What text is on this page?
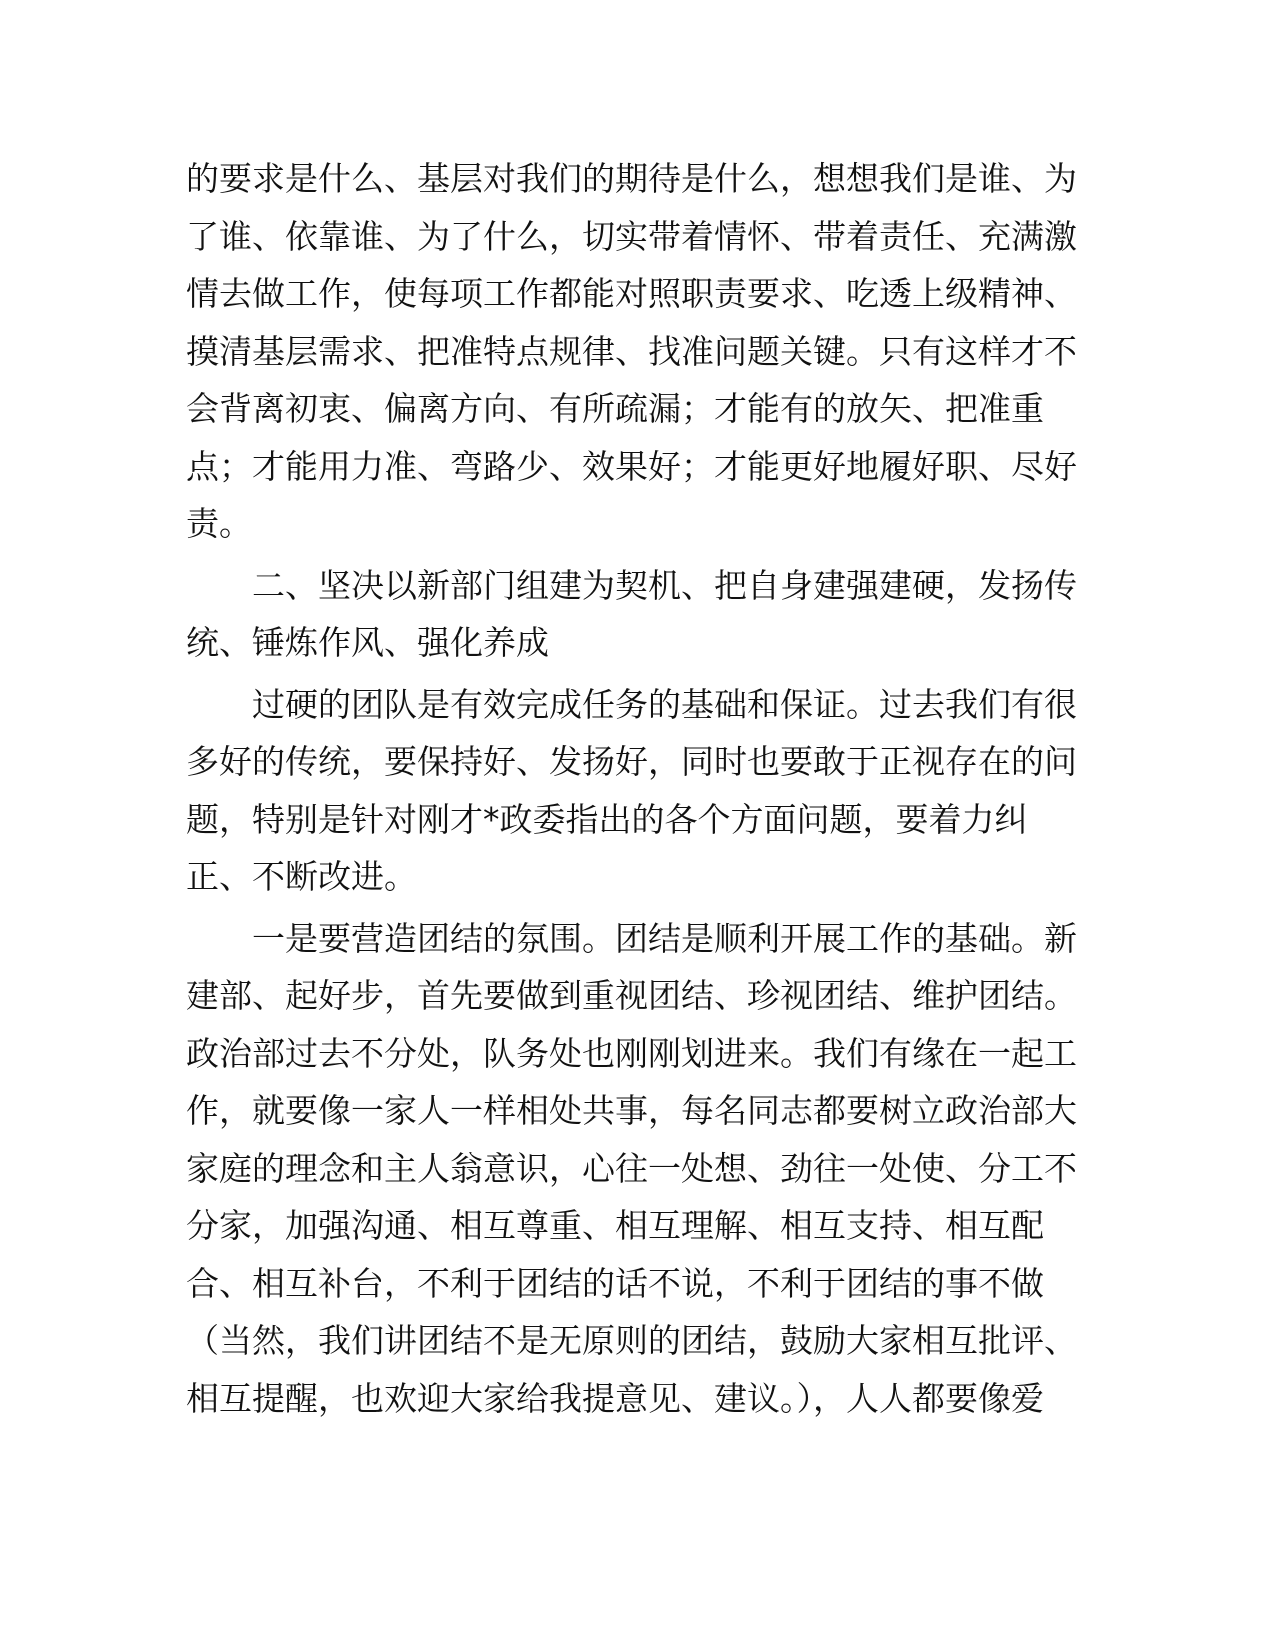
的要求是什么、基层对我们的期待是什么，想想我们是谁、为
了谁、依靠谁、为了什么，切实带着情怀、带着责任、充满激
情去做工作，使每项工作都能对照职责要求、吃透上级精神、
摸清基层需求、把准特点规律、找准问题关键。只有这样才不
会背离初衷、偏离方向、有所疏漏；才能有的放矢、把准重
点；才能用力准、弯路少、效果好；才能更好地履好职、尽好
责。
二、坚决以新部门组建为契机、把自身建强建硬，发扬传
统、锤炼作风、强化养成
过硬的团队是有效完成任务的基础和保证。过去我们有很
多好的传统，要保持好、发扬好，同时也要敢于正视存在的问
题，特别是针对刚才*政委指出的各个方面问题，要着力纠
正、不断改进。
一是要营造团结的氛围。团结是顺利开展工作的基础。新
建部、起好步，首先要做到重视团结、珍视团结、维护团结。
政治部过去不分处，队务处也刚刚划进来。我们有缘在一起工
作，就要像一家人一样相处共事，每名同志都要树立政治部大
家庭的理念和主人翁意识，心往一处想、劲往一处使、分工不
分家，加强沟通、相互尊重、相互理解、相互支持、相互配
合、相互补台，不利于团结的话不说，不利于团结的事不做
（当然，我们讲团结不是无原则的团结，鼓励大家相互批评、
相互提醒，也欢迎大家给我提意见、建议。），人人都要像爱
